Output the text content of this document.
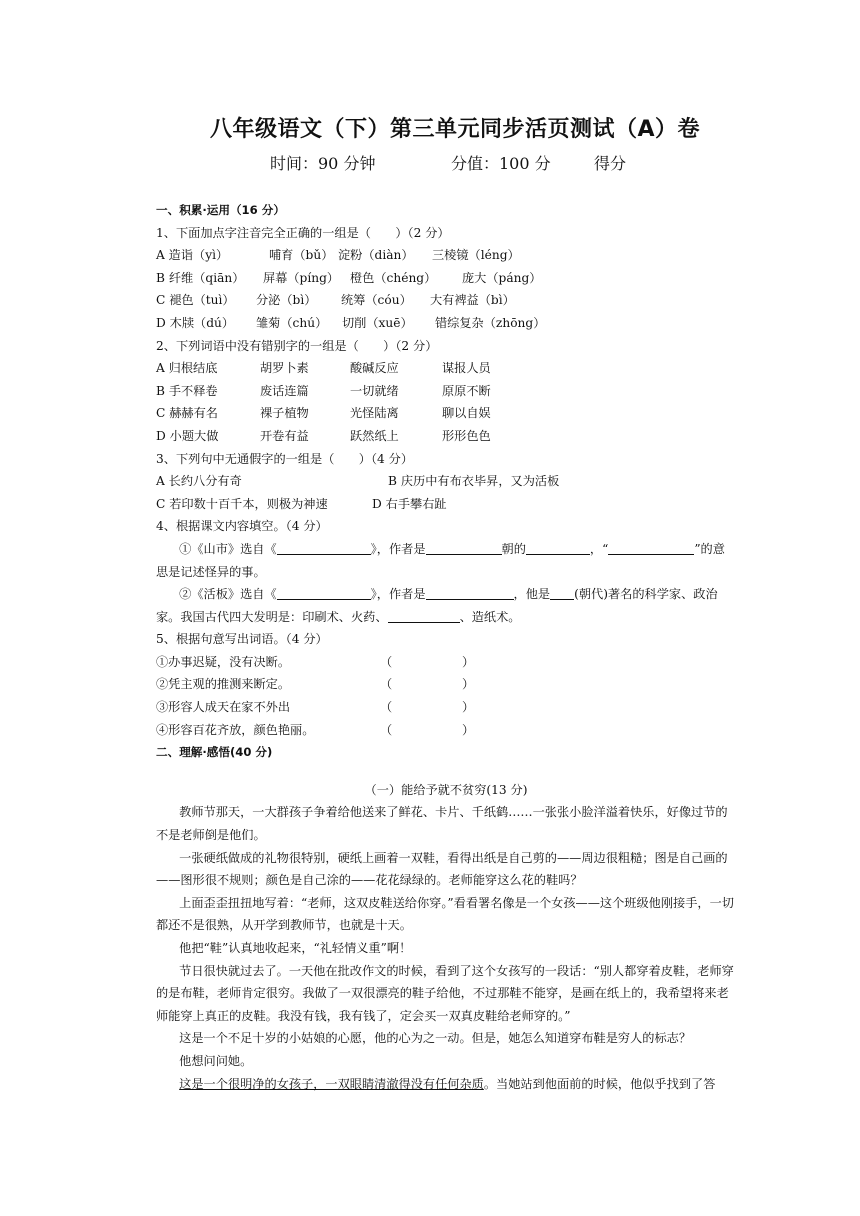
八年级语文（下）第三单元同步活页测试（A）卷
时间：90 分钟	分值：100 分	得分

一、积累·运用（16 分）

1、下面加点字注音完全正确的一组是（　　）（2 分）

A 造诣（yì）	哺育（bǔ） 淀粉（diàn） 三棱镜（léng）
B 纤维（qiān） 屏幕（píng） 橙色（chéng） 庞大（páng）
C 褪色（tuì） 分泌（bì） 统筹（cóu） 大有裨益（bì）
D 木牍（dú） 雏菊（chú） 切削（xuē） 错综复杂（zhōng）

2、下列词语中没有错别字的一组是（　　）（2 分）

A 归根结底	胡罗卜素	酸碱反应	谋报人员
B 手不释卷	废话连篇	一切就绪	原原不断
C 赫赫有名	裸子植物	光怪陆离	聊以自娱
D 小题大做	开卷有益	跃然纸上	形形色色

3、下列句中无通假字的一组是（　　）（4 分）

A 长约八分有奇	B 庆历中有布衣毕昇，又为活板
C 若印数十百千本，则极为神速	D 右手攀右趾

4、根据课文内容填空。（4 分）

①《山市》选自《	》，作者是	朝的	，“	”的意

思是记述怪异的事。

②《活板》选自《	》，作者是	，他是 (朝代)著名的科学家、政治

家。我国古代四大发明是：印刷术、火药、	、造纸术。

5、根据句意写出词语。（4 分）

①办事迟疑，没有决断。	（	）
②凭主观的推测来断定。	（	）
③形容人成天在家不外出	（	）
④形容百花齐放，颜色艳丽。	（	）

二、理解·感悟(40 分)

（一）能给予就不贫穷(13 分)

教师节那天，一大群孩子争着给他送来了鲜花、卡片、千纸鹤……一张张小脸洋溢着快乐，好像过节的不是老师倒是他们。

一张硬纸做成的礼物很特别，硬纸上画着一双鞋，看得出纸是自己剪的——周边很粗糙；图是自己画的——图形很不规则；颜色是自己涂的——花花绿绿的。老师能穿这么花的鞋吗？

上面歪歪扭扭地写着：“老师，这双皮鞋送给你穿。”看看署名像是一个女孩——这个班级他刚接手，一切都还不是很熟，从开学到教师节，也就是十天。

他把“鞋”认真地收起来，“礼轻情义重”啊！

节日很快就过去了。一天他在批改作文的时候，看到了这个女孩写的一段话：“别人都穿着皮鞋，老师穿的是布鞋，老师肯定很穷。我做了一双很漂亮的鞋子给他，不过那鞋不能穿，是画在纸上的，我希望将来老师能穿上真正的皮鞋。我没有钱，我有钱了，定会买一双真皮鞋给老师穿的。”

这是一个不足十岁的小姑娘的心愿，他的心为之一动。但是，她怎么知道穿布鞋是穷人的标志？

他想问问她。

这是一个很明净的女孩子，一双眼睛清澈得没有任何杂质。当她站到他面前的时候，他似乎找到了答
